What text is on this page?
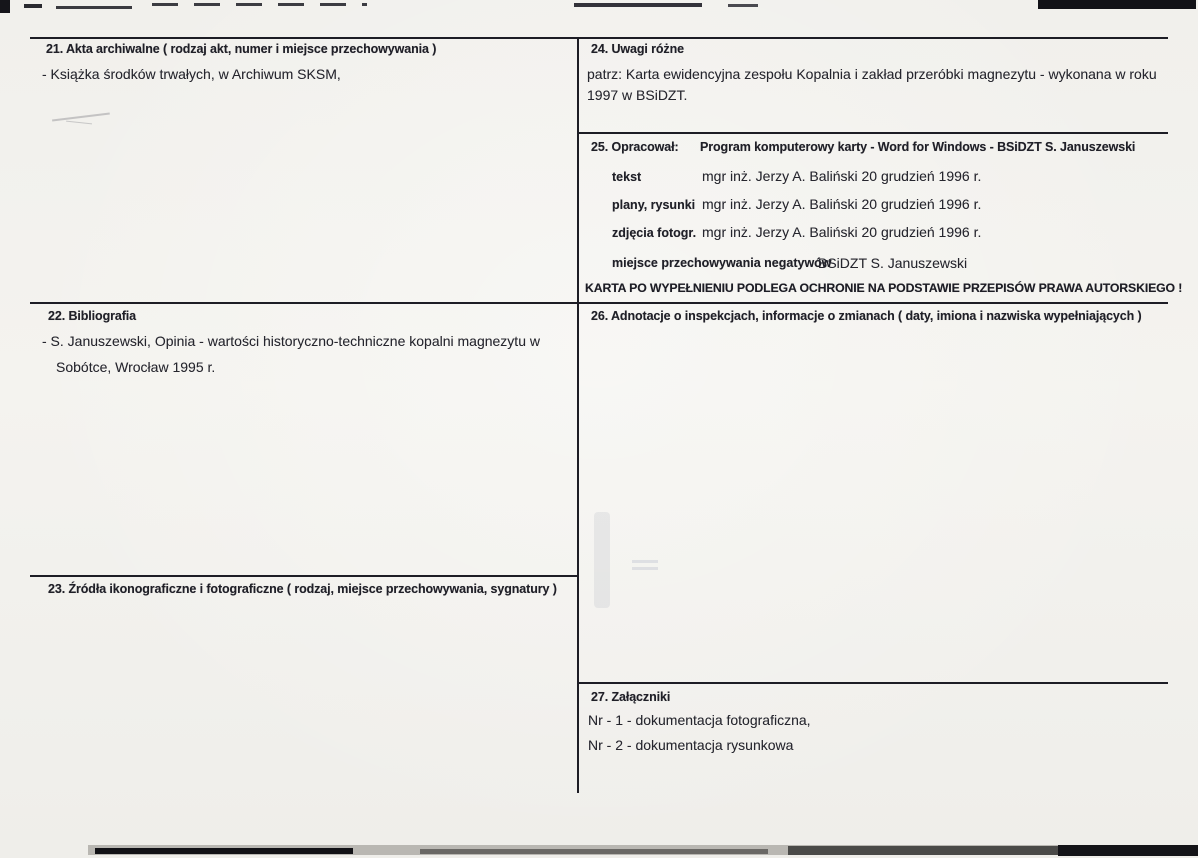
21. Akta archiwalne ( rodzaj akt, numer i miejsce przechowywania )
- Książka środków trwałych, w Archiwum SKSM,
24. Uwagi różne
patrz: Karta ewidencyjna zespołu Kopalnia i zakład przeróbki magnezytu - wykonana w roku 1997 w BSiDZT.
25. Opracował: Program komputerowy karty - Word for Windows - BSiDZT S. Januszewski
tekst	mgr inż. Jerzy A. Baliński 20 grudzień 1996 r.
plany, rysunki mgr inż. Jerzy A. Baliński 20 grudzień 1996 r.
zdjęcia fotogr. mgr inż. Jerzy A. Baliński 20 grudzień 1996 r.
miejsce przechowywania negatywów
BSiDZT S. Januszewski
KARTA PO WYPEŁNIENIU PODLEGA OCHRONIE NA PODSTAWIE PRZEPISÓW PRAWA AUTORSKIEGO !
22. Bibliografia
- S. Januszewski, Opinia - wartości historyczno-techniczne kopalni magnezytu w
Sobótce, Wrocław 1995 r.
26. Adnotacje o inspekcjach, informacje o zmianach ( daty, imiona i nazwiska wypełniających )
23. Źródła ikonograficzne i fotograficzne ( rodzaj, miejsce przechowywania, sygnatury )
27. Załączniki
Nr - 1 - dokumentacja fotograficzna,
Nr - 2 - dokumentacja rysunkowa
